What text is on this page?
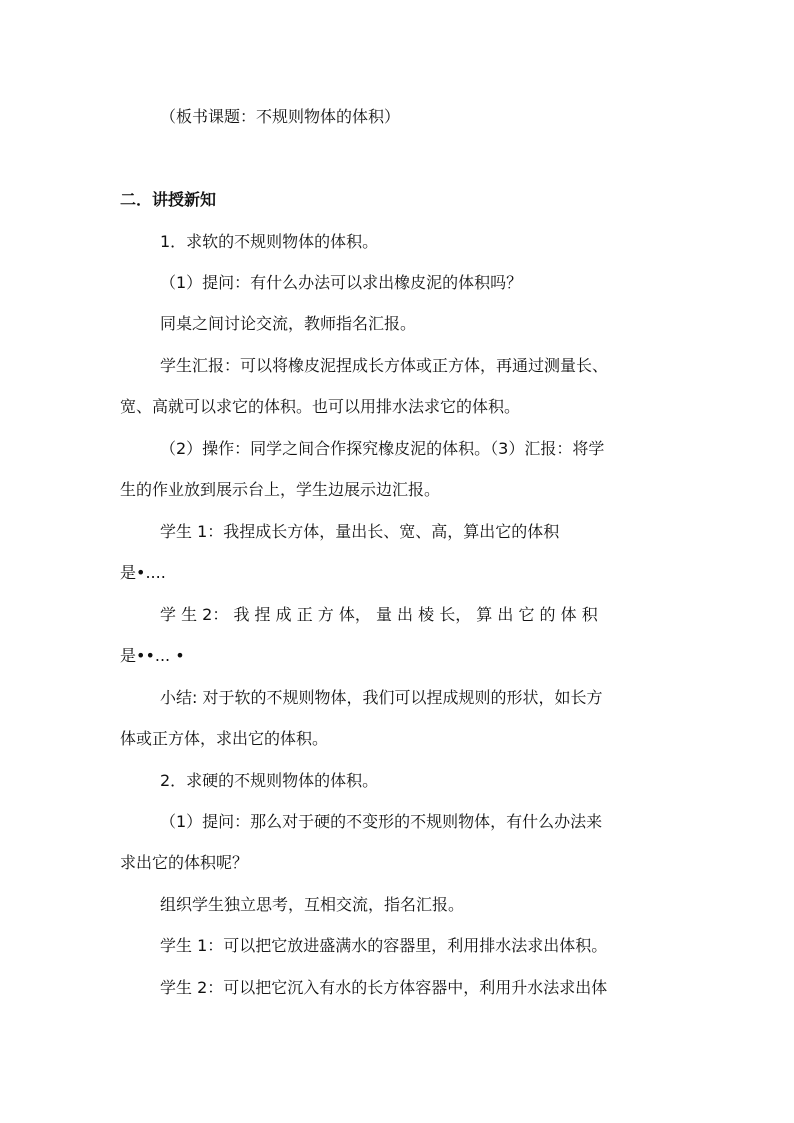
（板书课题：不规则物体的体积）
二．讲授新知
1．求软的不规则物体的体积。
（1）提问：有什么办法可以求出橡皮泥的体积吗？
同桌之间讨论交流，教师指名汇报。
学生汇报：可以将橡皮泥捏成长方体或正方体，再通过测量长、
宽、高就可以求它的体积。也可以用排水法求它的体积。
（2）操作：同学之间合作探究橡皮泥的体积。（3）汇报：将学
生的作业放到展示台上，学生边展示边汇报。
学生 1：我捏成长方体，量出长、宽、高，算出它的体积
是•....
学 生 2： 我 捏 成 正 方 体， 量 出 棱 长， 算 出 它 的 体 积
是••... •
小结: 对于软的不规则物体，我们可以捏成规则的形状，如长方
体或正方体，求出它的体积。
2．求硬的不规则物体的体积。
（1）提问：那么对于硬的不变形的不规则物体，有什么办法来
求出它的体积呢？
组织学生独立思考，互相交流，指名汇报。
学生 1：可以把它放进盛满水的容器里，利用排水法求出体积。
学生 2：可以把它沉入有水的长方体容器中，利用升水法求出体
